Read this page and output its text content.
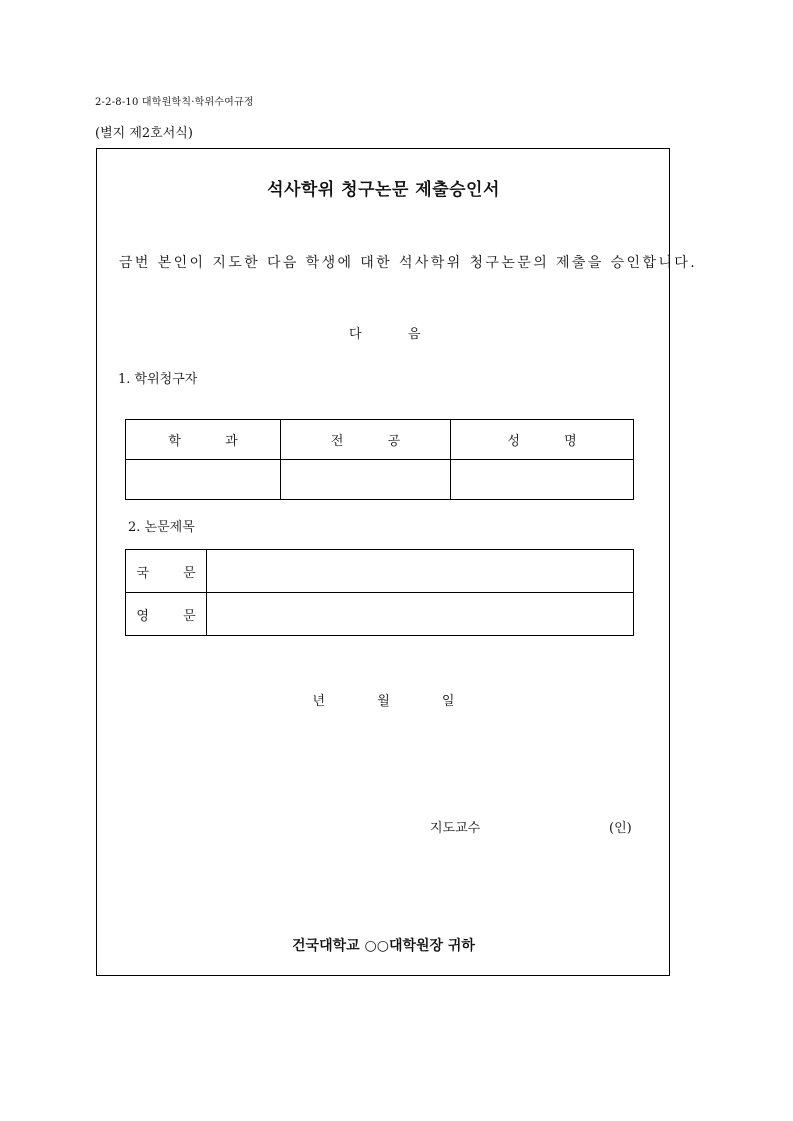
2-2-8-10 대학원학칙·학위수여규정
(별지 제2호서식)
석사학위 청구논문 제출승인서
금번 본인이 지도한 다음 학생에 대한 석사학위 청구논문의 제출을 승인합니다.
다	음
1. 학위청구자
학 과	전 공	성 명

2. 논문제목
국 문	
영 문	
년	월	일
지도교수	(인)
건국대학교 ○○대학원장 귀하
